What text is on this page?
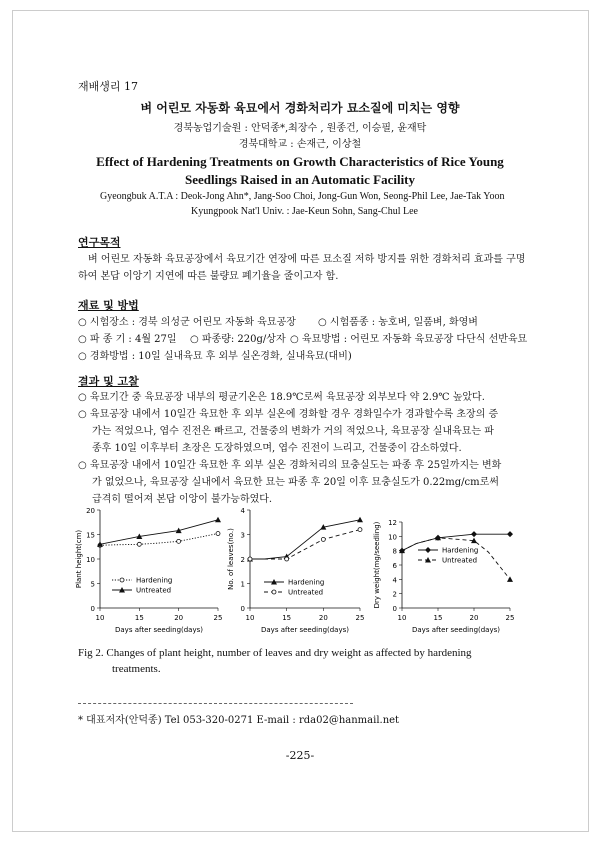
재배생리 17
벼 어린모 자동화 육묘에서 경화처리가 묘소질에 미치는 영향
경북농업기술원 : 안덕종*,최장수 , 원종건, 이승필, 윤재탁
경북대학교 : 손재근, 이상철
Effect of Hardening Treatments on Growth Characteristics of Rice Young
Seedlings Raised in an Automatic Facility
Gyeongbuk A.T.A : Deok-Jong Ahn*, Jang-Soo Choi, Jong-Gun Won, Seong-Phil Lee, Jae-Tak Yoon
Kyungpook Nat'l Univ. : Jae-Keun Sohn, Sang-Chul Lee
연구목적
벼 어린모 자동화 육묘공장에서 육묘기간 연장에 따른 묘소질 저하 방지를 위한 경화처리 효과를 구명
하여 본답 이앙기 지연에 따른 불량묘 폐기율을 줄이고자 함.
재료 및 방법
○ 시험장소 : 경북 의성군 어린모 자동화 육묘공장 ○ 시험품종 : 농호벼, 일품벼, 화영벼
○ 파 종 기 : 4월 27일 ○ 파종량: 220g/상자 ○ 육묘방법 : 어린모 자동화 육묘공장 다단식 선반육묘
○ 경화방법 : 10일 실내육묘 후 외부 실온경화, 실내육묘(대비)
결과 및 고찰
○ 육묘기간 중 육묘공장 내부의 평균기온은 18.9℃로써 육묘공장 외부보다 약 2.9℃ 높았다.
○ 육묘공장 내에서 10일간 육묘한 후 외부 실온에 경화할 경우 경화일수가 경과할수록 초장의 증
가는 적었으나, 엽수 진전은 빠르고, 건물중의 변화가 거의 적었으나, 육묘공장 실내육묘는 파
종후 10일 이후부터 초장은 도장하였으며, 엽수 진전이 느리고, 건물중이 감소하였다.
○ 육묘공장 내에서 10일간 육묘한 후 외부 실온 경화처리의 묘충실도는 파종 후 25일까지는 변화
가 없었으나, 육묘공장 실내에서 육묘한 묘는 파종 후 20일 이후 묘충실도가 0.22mg/cm로써
급격히 떨어져 본답 이앙이 불가능하였다.
0
5
10
15
20
10	15	20	25
Days after seeding(days)
Plant height(cm)	Hardening
Untreated
0
1
2
3
4
10	15	20	25
Days after seeding(days)
No. of leaves(no.)	Hardening
Untreated
0
2
4
6
8
10
12
10	15	20	25
Days after seeding(days)
Dry weight(mg/seedling)	Hardening
Untreated
Fig 2. Changes of plant height, number of leaves and dry weight as affected by hardening
treatments.
* 대표저자(안덕종) Tel 053-320-0271 E-mail : rda02@hanmail.net
-225-
